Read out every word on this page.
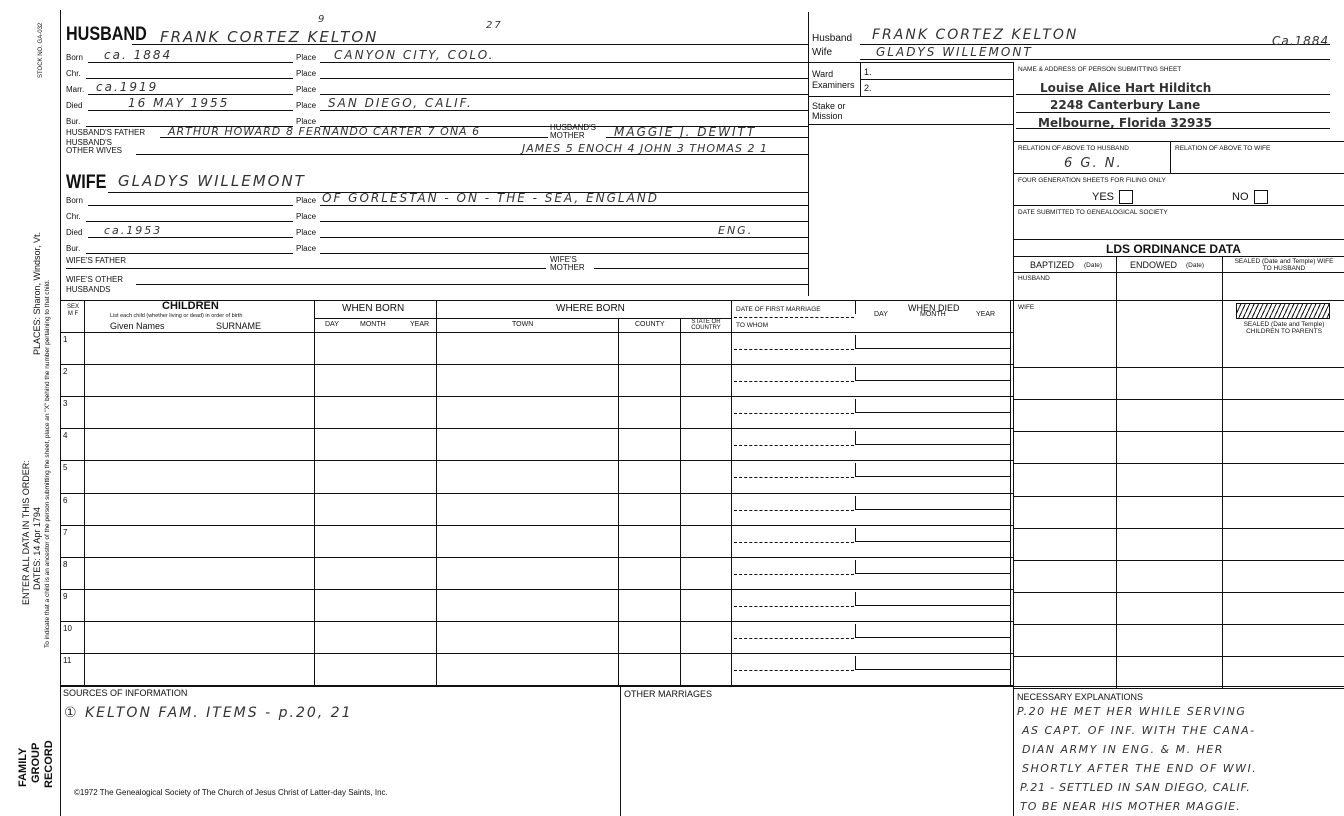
STOCK NO. GA-032
PLACES: Sharon, Windsor, Vt.
ENTER ALL DATA IN THIS ORDER: DATES: 14 Apr 1794 To indicate that a child is an ancestor of the person submitting the sheet, place an "X" behind the number pertaining to that child.
FAMILY GROUP RECORD
HUSBAND FRANK CORTEZ KELTON
9
27
Born ca. 1884	Place CANYON CITY, COLO.
Chr.	Place
Marr. ca.1919	Place
Died	16 MAY 1955	Place SAN DIEGO, CALIF.
Bur.	Place
HUSBAND'S FATHER ARTHUR HOWARD 8 FERNANDO CARTER 7 ONA 6	HUSBAND'S MOTHER	MAGGIE J. DEWITT
HUSBAND'S OTHER WIVES	JAMES 5 ENOCH 4 JOHN 3 THOMAS 2 1
WIFE GLADYS WILLEMONT
Born	Place OF GORLESTAN - ON - THE - SEA, ENGLAND
Chr.	Place
Died ca.1953	Place	ENG.
Bur.	Place
WIFE'S FATHER	WIFE'S MOTHER
WIFE'S OTHER HUSBANDS
SEX M F
CHILDREN
List each child (whether living or dead) in order of birth
Given Names	SURNAME
WHEN BORN
DAY	MONTH	YEAR
WHERE BORN
TOWN	COUNTY	STATE OR COUNTRY
DATE OF FIRST MARRIAGE
TO WHOM
WHEN DIED
DAY	MONTH	YEAR
1
2
3
4
5
6
7
8
9
10
11
Husband FRANK CORTEZ KELTON	Ca.1884
Wife	GLADYS WILLEMONT
Ward	1.
Examiners 2.
Stake or Mission
NAME & ADDRESS OF PERSON SUBMITTING SHEET
Louise Alice Hart Hilditch
2248 Canterbury Lane
Melbourne, Florida 32935
RELATION OF ABOVE TO HUSBAND	RELATION OF ABOVE TO WIFE
6 G. N.
FOUR GENERATION SHEETS FOR FILING ONLY
YES	NO
DATE SUBMITTED TO GENEALOGICAL SOCIETY
LDS ORDINANCE DATA
BAPTIZED (Date)	ENDOWED (Date)
SEALED (Date and Temple) WIFE TO HUSBAND
HUSBAND
WIFE
SEALED (Date and Temple) CHILDREN TO PARENTS
SOURCES OF INFORMATION
① KELTON FAM. ITEMS - p.20, 21
OTHER MARRIAGES
©1972 The Genealogical Society of The Church of Jesus Christ of Latter-day Saints, Inc.
NECESSARY EXPLANATIONS
P.20 HE MET HER WHILE SERVING
AS CAPT. OF INF. WITH THE CANA-
DIAN ARMY IN ENG. & M. HER
SHORTLY AFTER THE END OF WWI.
P.21 - SETTLED IN SAN DIEGO, CALIF.
TO BE NEAR HIS MOTHER MAGGIE.
